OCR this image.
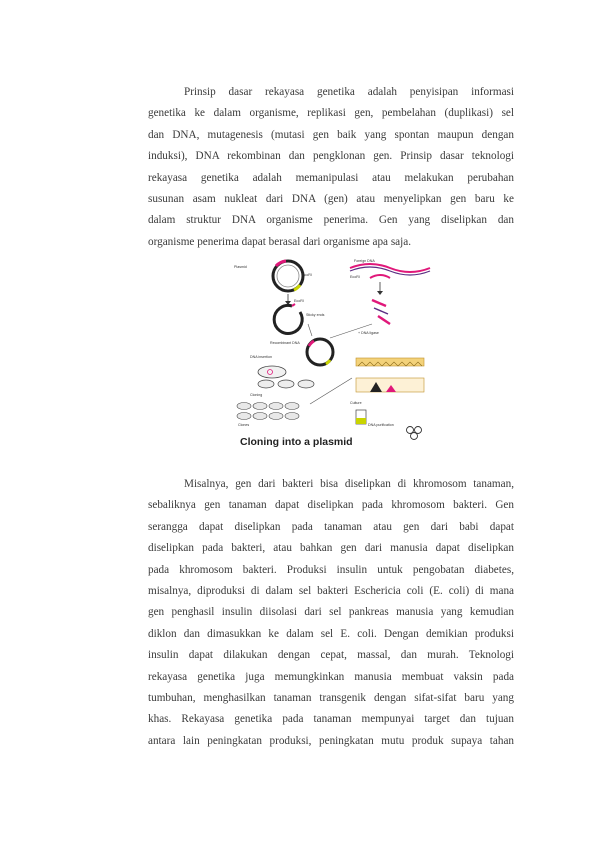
Prinsip dasar rekayasa genetika adalah penyisipan informasi
genetika ke dalam organisme, replikasi gen, pembelahan (duplikasi) sel
dan DNA, mutagenesis (mutasi gen baik yang spontan maupun dengan
induksi), DNA rekombinan dan pengklonan gen. Prinsip dasar teknologi
rekayasa genetika adalah memanipulasi atau melakukan perubahan
susunan asam nukleat dari DNA (gen) atau menyelipkan gen baru ke
dalam struktur DNA organisme penerima. Gen yang diselipkan dan
organisme penerima dapat berasal dari organisme apa saja.
Plasmid
EcoRI
Foreign DNA
EcoRI
EcoRI
Sticky ends
+ DNA ligase
Recombinant DNA
DNA insertion
Cloning
Clones
Culture
DNA purification
Cloning into a plasmid
Misalnya, gen dari bakteri bisa diselipkan di khromosom tanaman,
sebaliknya gen tanaman dapat diselipkan pada khromosom bakteri. Gen
serangga dapat diselipkan pada tanaman atau gen dari babi dapat
diselipkan pada bakteri, atau bahkan gen dari manusia dapat diselipkan
pada khromosom bakteri. Produksi insulin untuk pengobatan diabetes,
misalnya, diproduksi di dalam sel bakteri Eschericia coli (E. coli) di mana
gen penghasil insulin diisolasi dari sel pankreas manusia yang kemudian
diklon dan dimasukkan ke dalam sel E. coli. Dengan demikian produksi
insulin dapat dilakukan dengan cepat, massal, dan murah. Teknologi
rekayasa genetika juga memungkinkan manusia membuat vaksin pada
tumbuhan, menghasilkan tanaman transgenik dengan sifat-sifat baru yang
khas. Rekayasa genetika pada tanaman mempunyai target dan tujuan
antara lain peningkatan produksi, peningkatan mutu produk supaya tahan
